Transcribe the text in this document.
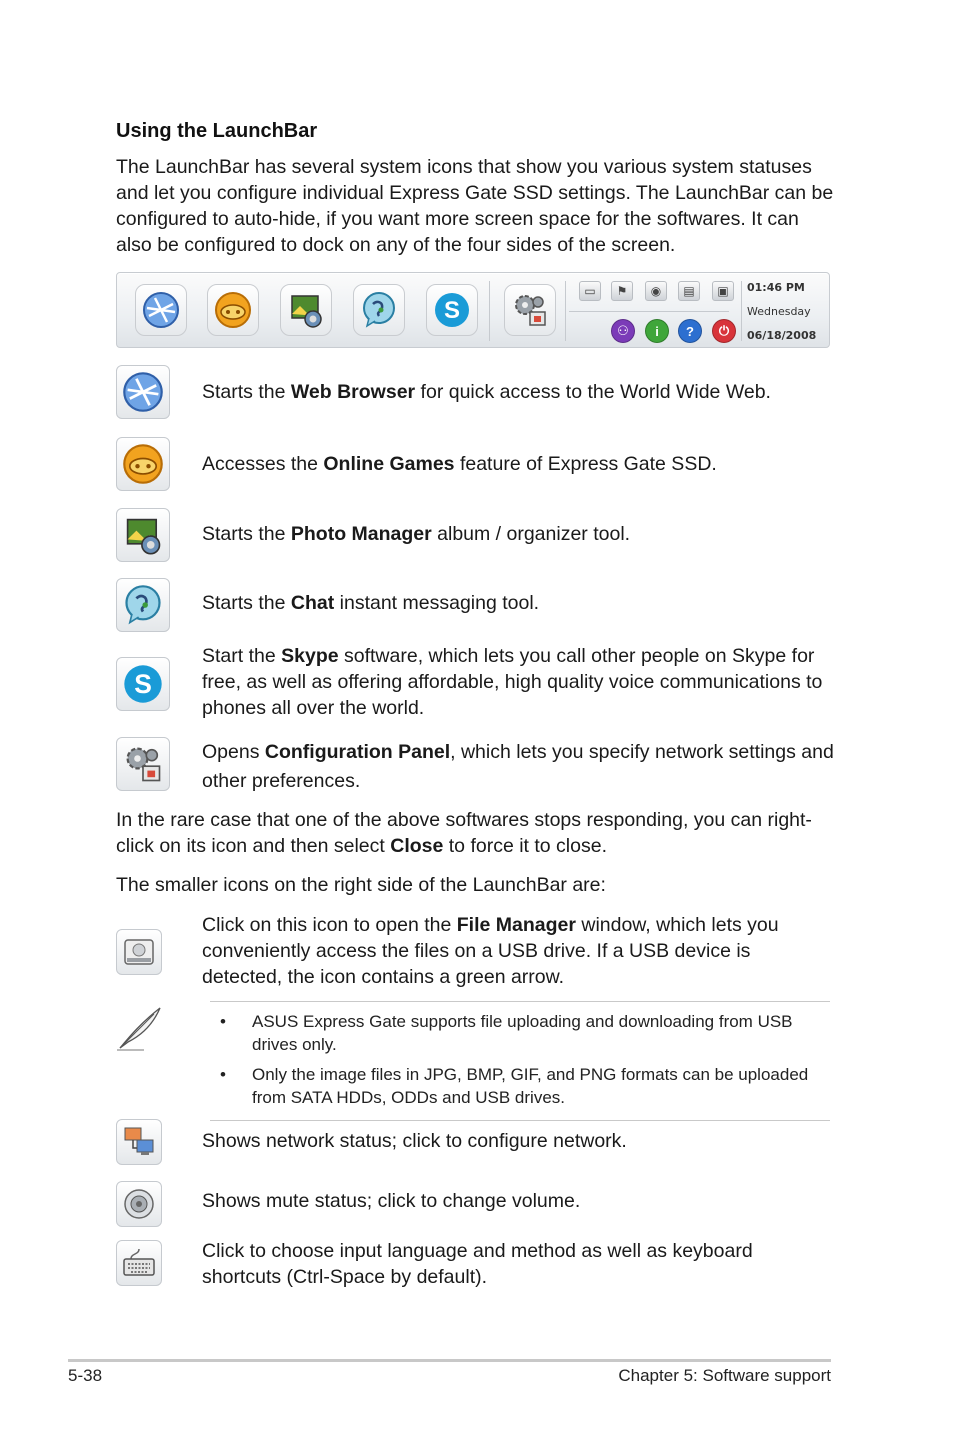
Using the LaunchBar
The LaunchBar has several system icons that show you various system statuses and let you configure individual Express Gate SSD settings. The LaunchBar can be configured to auto-hide, if you want more screen space for the softwares. It can also be configured to dock on any of the four sides of the screen.
S
▭	⚑	◉	▤	▣
⚇	i	?	⏻
01:46 PM
Wednesday
06/18/2008
Starts the Web Browser for quick access to the World Wide Web.
Accesses the Online Games feature of Express Gate SSD.
Starts the Photo Manager album / organizer tool.
Starts the Chat instant messaging tool.
S
Start the Skype software, which lets you call other people on Skype for free, as well as offering affordable, high quality voice communications to phones all over the world.
Opens Configuration Panel, which lets you specify network settings and other preferences.
In the rare case that one of the above softwares stops responding, you can right-click on its icon and then select Close to force it to close.
The smaller icons on the right side of the LaunchBar are:
Click on this icon to open the File Manager window, which lets you conveniently access the files on a USB drive. If a USB device is detected, the icon contains a green arrow.
• ASUS Express Gate supports file uploading and downloading from USB drives only.
• Only the image files in JPG, BMP, GIF, and PNG formats can be uploaded from SATA HDDs, ODDs and USB drives.
Shows network status; click to configure network.
Shows mute status; click to change volume.
Click to choose input language and method as well as keyboard shortcuts (Ctrl-Space by default).
5-38	Chapter 5: Software support
